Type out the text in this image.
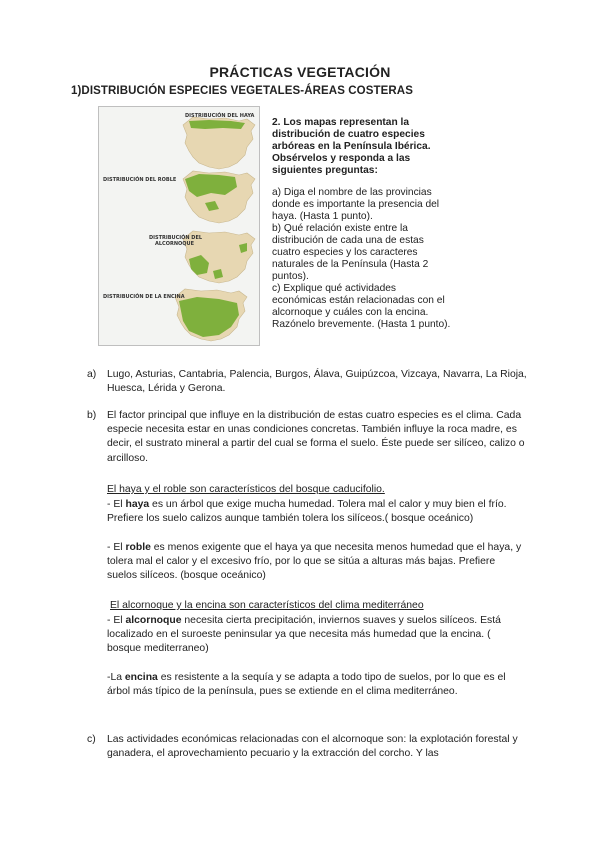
PRÁCTICAS VEGETACIÓN
1)DISTRIBUCIÓN ESPECIES VEGETALES-ÁREAS COSTERAS
DISTRIBUCIÓN DEL HAYA
DISTRIBUCIÓN DEL ROBLE
DISTRIBUCIÓN DEL
ALCORNOQUE
DISTRIBUCIÓN DE LA ENCINA

2. Los mapas representan la distribución de cuatro especies arbóreas en la Península Ibérica. Obsérvelos y responda a las siguientes preguntas:

a) Diga el nombre de las provincias donde es importante la presencia del haya. (Hasta 1 punto).

b) Qué relación existe entre la distribución de cada una de estas cuatro especies y los caracteres naturales de la Península (Hasta 2 puntos).

c) Explique qué actividades económicas están relacionadas con el alcornoque y cuáles con la encina. Razónelo brevemente. (Hasta 1 punto).

a) Lugo, Asturias, Cantabria, Palencia, Burgos, Álava, Guipúzcoa, Vizcaya, Navarra, La Rioja, Huesca, Lérida y Gerona.
b) El factor principal que influye en la distribución de estas cuatro especies es el clima. Cada especie necesita estar en unas condiciones concretas. También influye la roca madre, es decir, el sustrato mineral a partir del cual se forma el suelo. Éste puede ser silíceo, calizo o arcilloso.
El haya y el roble son característicos del bosque caducifolio.
- El haya es un árbol que exige mucha humedad. Tolera mal el calor y muy bien el frío. Prefiere los suelo calizos aunque también tolera los silíceos.( bosque oceánico)
- El roble es menos exigente que el haya ya que necesita menos humedad que el haya, y tolera mal el calor y el excesivo frío, por lo que se sitúa a alturas más bajas. Prefiere suelos silíceos. (bosque oceánico)
El alcornoque y la encina son característicos del clima mediterráneo
- El alcornoque necesita cierta precipitación, inviernos suaves y suelos silíceos. Está localizado en el suroeste peninsular ya que necesita más humedad que la encina. ( bosque mediterraneo)
-La encina es resistente a la sequía y se adapta a todo tipo de suelos, por lo que es el árbol más típico de la península, pues se extiende en el clima mediterráneo.
c) Las actividades económicas relacionadas con el alcornoque son: la explotación forestal y ganadera, el aprovechamiento pecuario y la extracción del corcho. Y las
